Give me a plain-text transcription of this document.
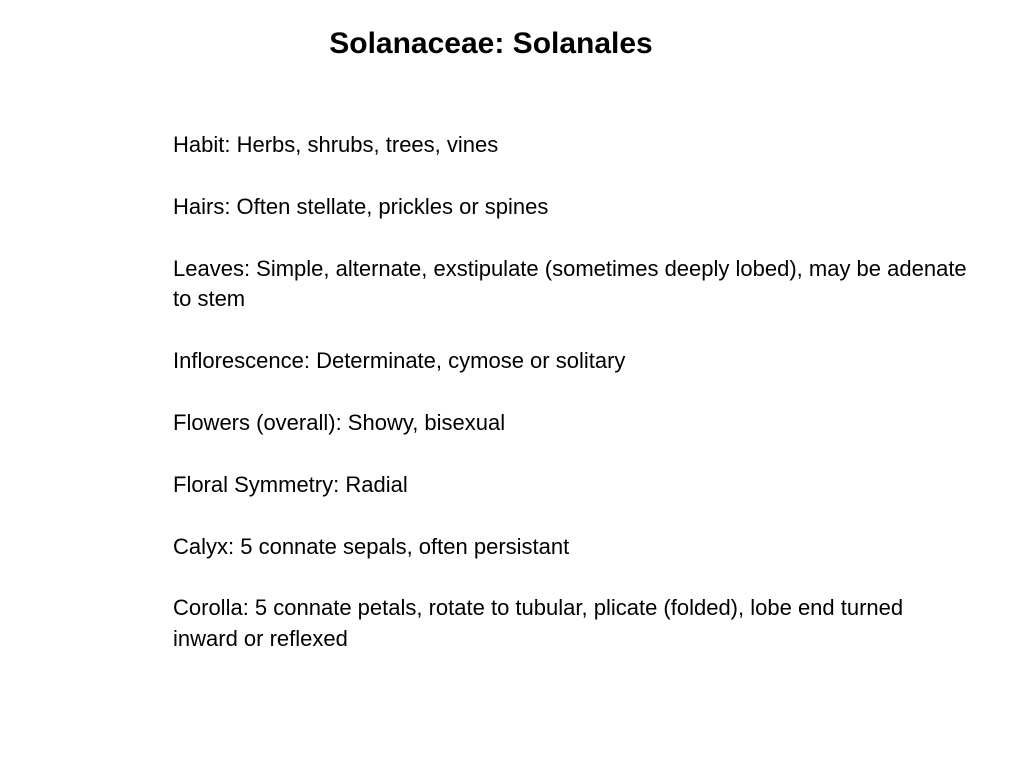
Solanaceae: Solanales

Habit: Herbs, shrubs, trees, vines

Hairs: Often stellate, prickles or spines

Leaves: Simple, alternate, exstipulate (sometimes deeply lobed), may be adenate to stem

Inflorescence: Determinate, cymose or solitary

Flowers (overall): Showy, bisexual

Floral Symmetry: Radial

Calyx: 5 connate sepals, often persistant

Corolla: 5 connate petals, rotate to tubular, plicate (folded), lobe end turned inward or reflexed
